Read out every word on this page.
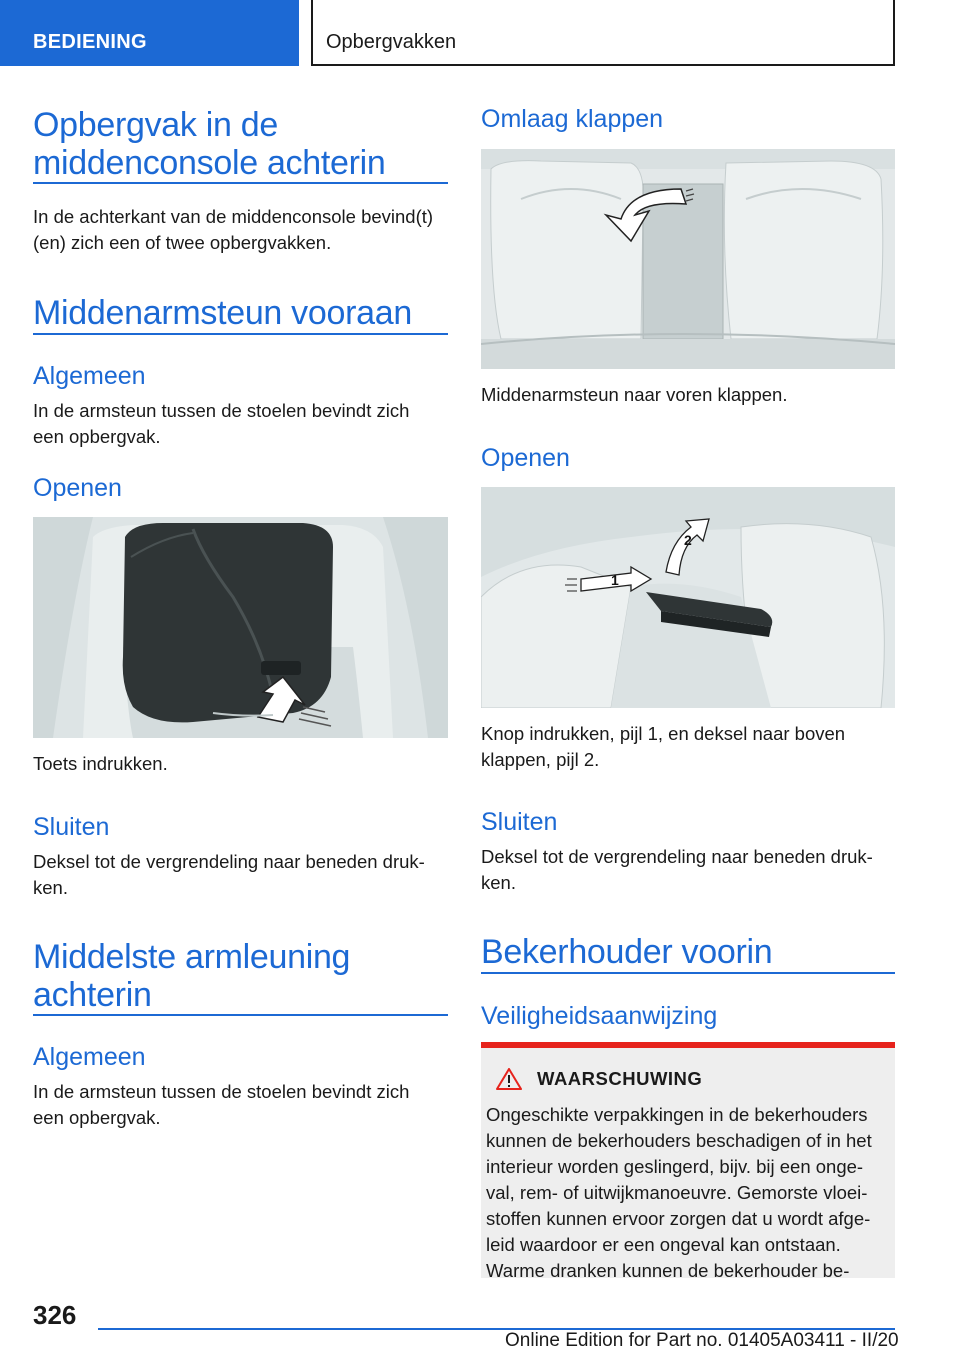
BEDIENING	Opbergvakken
Opbergvak in de
middenconsole achterin
In de achterkant van de middenconsole bevind(t)
(en) zich een of twee opbergvakken.
Middenarmsteun vooraan
Algemeen
In de armsteun tussen de stoelen bevindt zich
een opbergvak.
Openen
Toets indrukken.
Sluiten
Deksel tot de vergrendeling naar beneden druk-
ken.
Middelste armleuning
achterin
Algemeen
In de armsteun tussen de stoelen bevindt zich
een opbergvak.
Omlaag klappen
Middenarmsteun naar voren klappen.
Openen
1
2
Knop indrukken, pijl 1, en deksel naar boven
klappen, pijl 2.
Sluiten
Deksel tot de vergrendeling naar beneden druk-
ken.
Bekerhouder voorin
Veiligheidsaanwijzing
WAARSCHUWING
Ongeschikte verpakkingen in de bekerhouders
kunnen de bekerhouders beschadigen of in het
interieur worden geslingerd, bijv. bij een onge-
val, rem- of uitwijkmanoeuvre. Gemorste vloei-
stoffen kunnen ervoor zorgen dat u wordt afge-
leid waardoor er een ongeval kan ontstaan.
Warme dranken kunnen de bekerhouder be-
326
Online Edition for Part no. 01405A03411 - II/20
